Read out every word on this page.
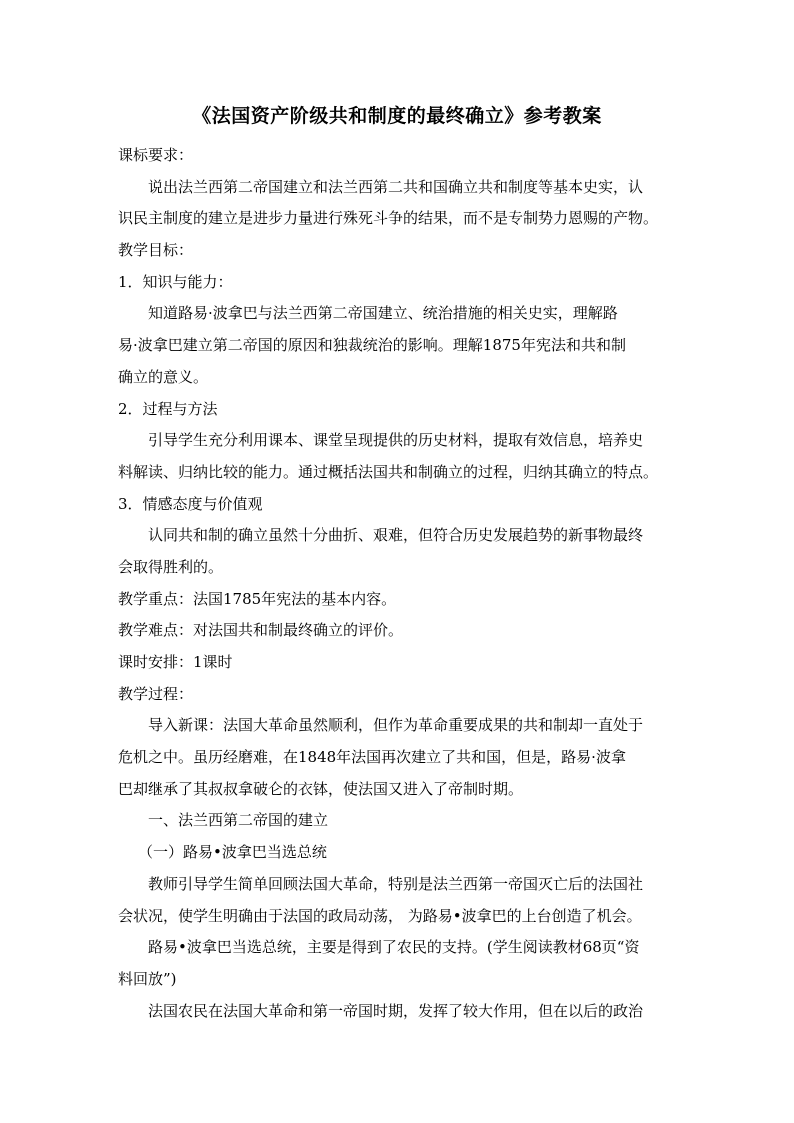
《法国资产阶级共和制度的最终确立》参考教案
课标要求：
说出法兰西第二帝国建立和法兰西第二共和国确立共和制度等基本史实，认
识民主制度的建立是进步力量进行殊死斗争的结果，而不是专制势力恩赐的产物。
教学目标：
1．知识与能力：
知道路易·波拿巴与法兰西第二帝国建立、统治措施的相关史实，理解路
易·波拿巴建立第二帝国的原因和独裁统治的影响。理解1875年宪法和共和制
确立的意义。
2．过程与方法
引导学生充分利用课本、课堂呈现提供的历史材料，提取有效信息，培养史
料解读、归纳比较的能力。通过概括法国共和制确立的过程，归纳其确立的特点。
3．情感态度与价值观
认同共和制的确立虽然十分曲折、艰难，但符合历史发展趋势的新事物最终
会取得胜利的。
教学重点：法国1785年宪法的基本内容。
教学难点：对法国共和制最终确立的评价。
课时安排：1课时
教学过程：
导入新课：法国大革命虽然顺利，但作为革命重要成果的共和制却一直处于
危机之中。虽历经磨难，在1848年法国再次建立了共和国，但是，路易·波拿
巴却继承了其叔叔拿破仑的衣钵，使法国又进入了帝制时期。
一、法兰西第二帝国的建立
（一）路易•波拿巴当选总统
教师引导学生简单回顾法国大革命，特别是法兰西第一帝国灭亡后的法国社
会状况，使学生明确由于法国的政局动荡， 为路易•波拿巴的上台创造了机会。
路易•波拿巴当选总统，主要是得到了农民的支持。(学生阅读教材68页“资
料回放”)
法国农民在法国大革命和第一帝国时期，发挥了较大作用，但在以后的政治
